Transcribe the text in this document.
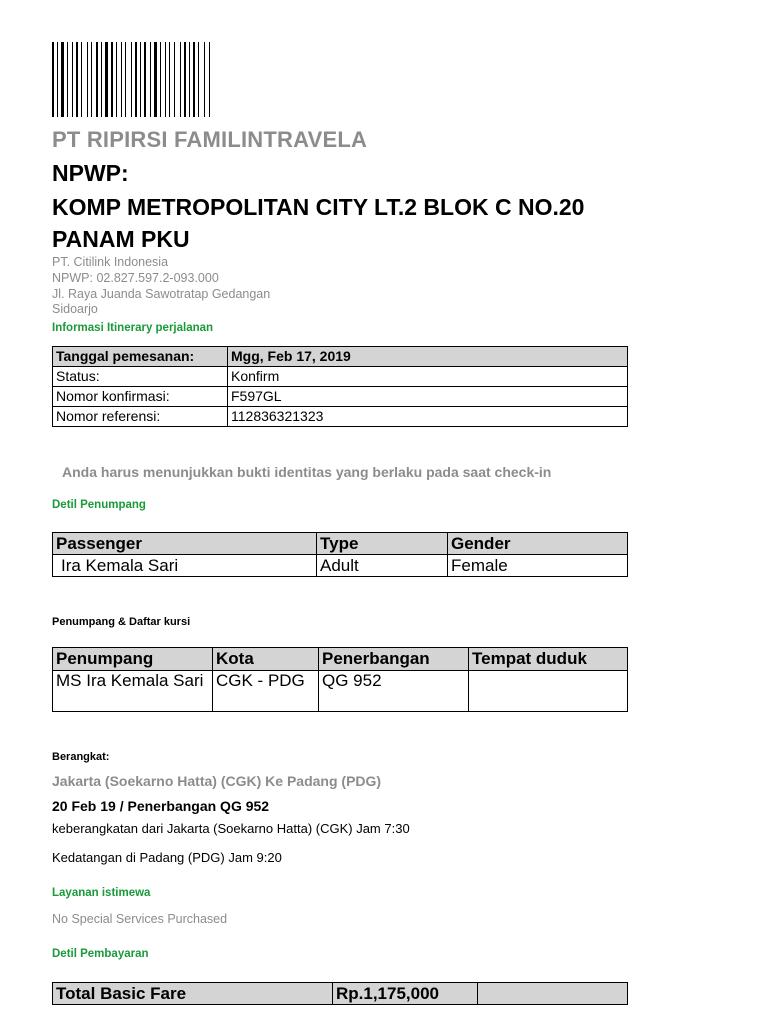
PT RIPIRSI FAMILINTRAVELA
NPWP:
KOMP METROPOLITAN CITY LT.2 BLOK C NO.20
PANAM PKU
PT. Citilink Indonesia
NPWP: 02.827.597.2-093.000
Jl. Raya Juanda Sawotratap Gedangan
Sidoarjo
Informasi Itinerary perjalanan
Tanggal pemesanan:	Mgg, Feb 17, 2019
Status:	Konfirm
Nomor konfirmasi:	F597GL
Nomor referensi:	112836321323
Anda harus menunjukkan bukti identitas yang berlaku pada saat check-in
Detil Penumpang
Passenger	Type	Gender
Ira Kemala Sari	Adult	Female
Penumpang & Daftar kursi
Penumpang	Kota	Penerbangan	Tempat duduk
MS Ira Kemala Sari	CGK - PDG	QG 952	
Berangkat:
Jakarta (Soekarno Hatta) (CGK) Ke Padang (PDG)
20 Feb 19 / Penerbangan QG 952
keberangkatan dari Jakarta (Soekarno Hatta) (CGK) Jam 7:30
Kedatangan di Padang (PDG) Jam 9:20
Layanan istimewa
No Special Services Purchased
Detil Pembayaran
Total Basic Fare	Rp.1,175,000	
